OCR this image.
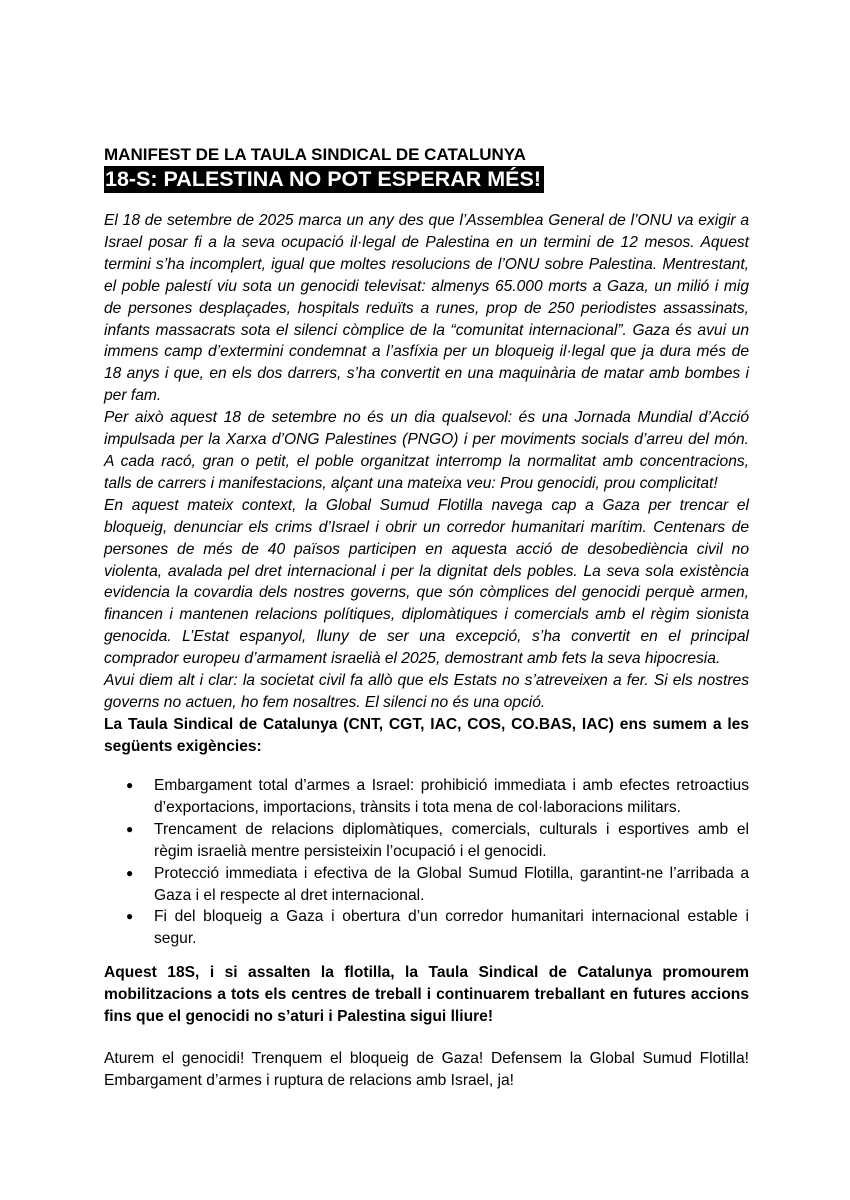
MANIFEST DE LA TAULA SINDICAL DE CATALUNYA
18-S: PALESTINA NO POT ESPERAR MÉS!

El 18 de setembre de 2025 marca un any des que l’Assemblea General de l’ONU va exigir a Israel posar fi a la seva ocupació il·legal de Palestina en un termini de 12 mesos. Aquest termini s’ha incomplert, igual que moltes resolucions de l’ONU sobre Palestina. Mentrestant, el poble palestí viu sota un genocidi televisat: almenys 65.000 morts a Gaza, un milió i mig de persones desplaçades, hospitals reduïts a runes, prop de 250 periodistes assassinats, infants massacrats sota el silenci còmplice de la “comunitat internacional”. Gaza és avui un immens camp d’extermini condemnat a l’asfíxia per un bloqueig il·legal que ja dura més de 18 anys i que, en els dos darrers, s’ha convertit en una maquinària de matar amb bombes i per fam.

Per això aquest 18 de setembre no és un dia qualsevol: és una Jornada Mundial d’Acció impulsada per la Xarxa d’ONG Palestines (PNGO) i per moviments socials d’arreu del món. A cada racó, gran o petit, el poble organitzat interromp la normalitat amb concentracions, talls de carrers i manifestacions, alçant una mateixa veu: Prou genocidi, prou complicitat!

En aquest mateix context, la Global Sumud Flotilla navega cap a Gaza per trencar el bloqueig, denunciar els crims d’Israel i obrir un corredor humanitari marítim. Centenars de persones de més de 40 països participen en aquesta acció de desobediència civil no violenta, avalada pel dret internacional i per la dignitat dels pobles. La seva sola existència evidencia la covardia dels nostres governs, que són còmplices del genocidi perquè armen, financen i mantenen relacions polítiques, diplomàtiques i comercials amb el règim sionista genocida. L’Estat espanyol, lluny de ser una excepció, s’ha convertit en el principal comprador europeu d’armament israelià el 2025, demostrant amb fets la seva hipocresia.

Avui diem alt i clar: la societat civil fa allò que els Estats no s’atreveixen a fer. Si els nostres governs no actuen, ho fem nosaltres. El silenci no és una opció.

La Taula Sindical de Catalunya (CNT, CGT, IAC, COS, CO.BAS, IAC) ens sumem a les següents exigències:

● Embargament total d’armes a Israel: prohibició immediata i amb efectes retroactius d’exportacions, importacions, trànsits i tota mena de col·laboracions militars.
● Trencament de relacions diplomàtiques, comercials, culturals i esportives amb el règim israelià mentre persisteixin l’ocupació i el genocidi.
● Protecció immediata i efectiva de la Global Sumud Flotilla, garantint-ne l’arribada a Gaza i el respecte al dret internacional.
● Fi del bloqueig a Gaza i obertura d’un corredor humanitari internacional estable i segur.

Aquest 18S, i si assalten la flotilla, la Taula Sindical de Catalunya promourem mobilitzacions a tots els centres de treball i continuarem treballant en futures accions fins que el genocidi no s’aturi i Palestina sigui lliure!

Aturem el genocidi! Trenquem el bloqueig de Gaza! Defensem la Global Sumud Flotilla! Embargament d’armes i ruptura de relacions amb Israel, ja!
